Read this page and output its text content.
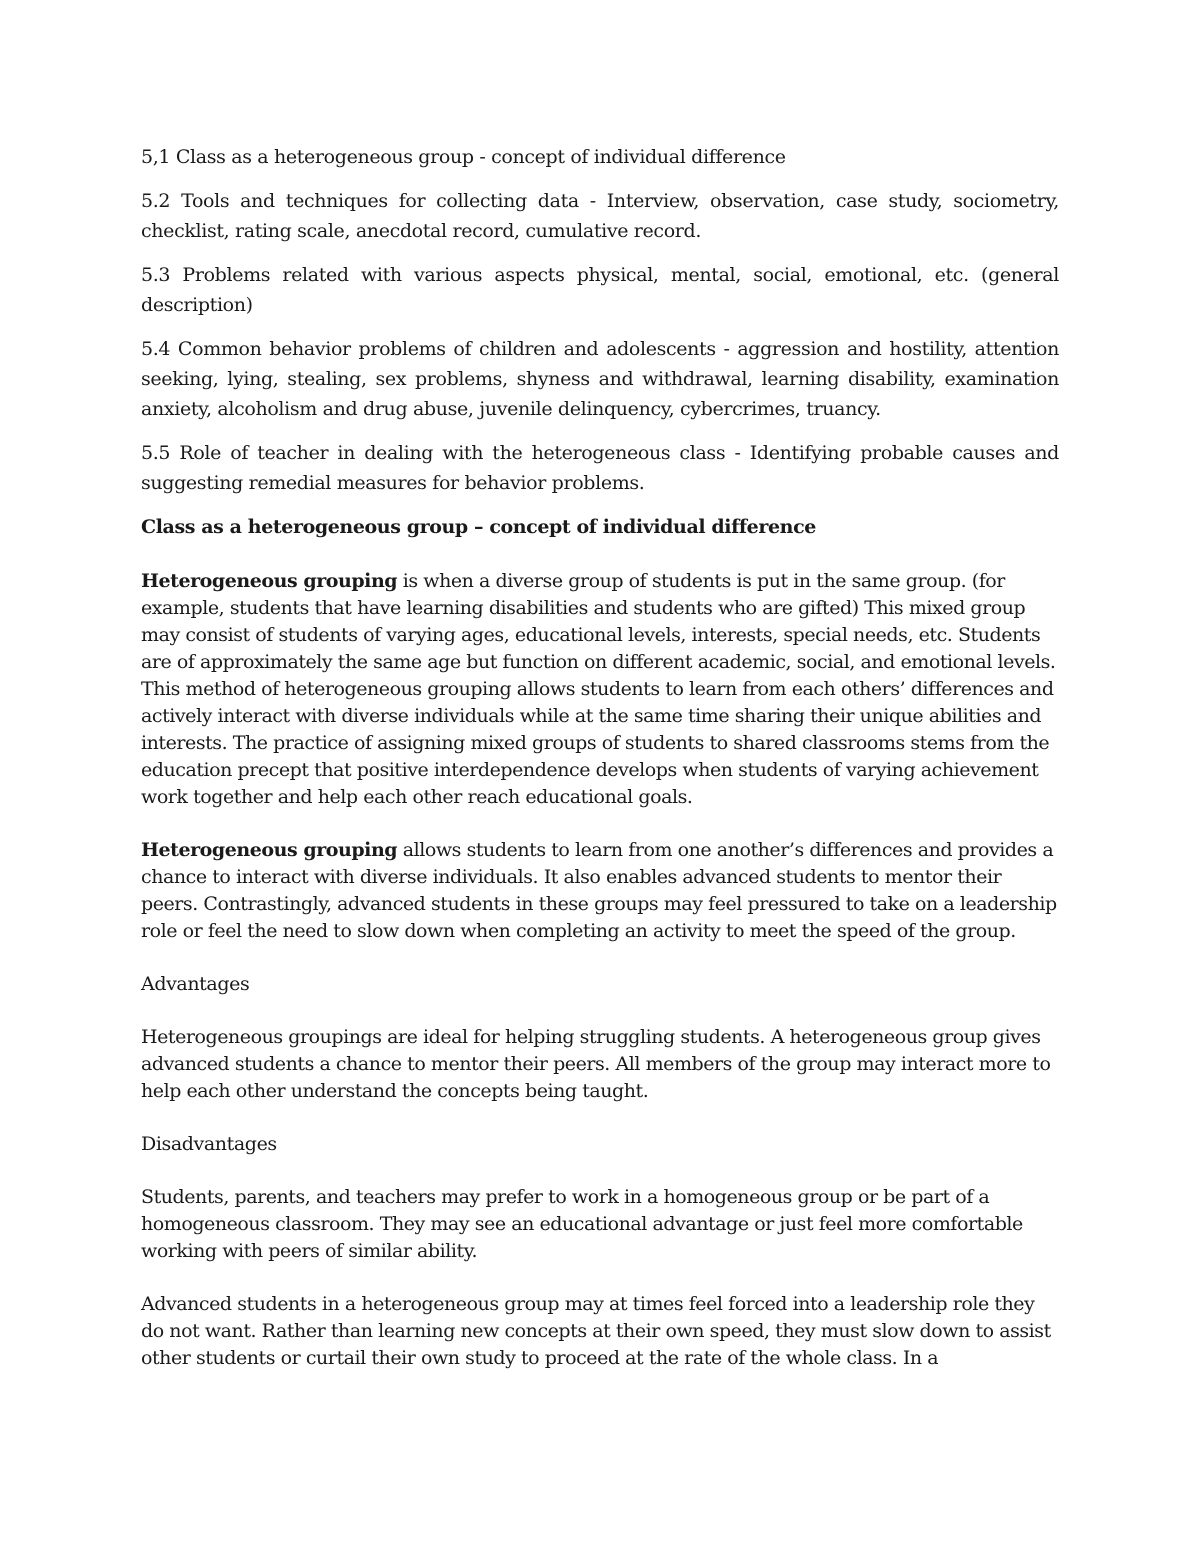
5,1 Class as a heterogeneous group - concept of individual difference

5.2 Tools and techniques for collecting data - Interview, observation, case study, sociometry, checklist, rating scale, anecdotal record, cumulative record.

5.3 Problems related with various aspects physical, mental, social, emotional, etc. (general description)

5.4 Common behavior problems of children and adolescents - aggression and hostility, attention seeking, lying, stealing, sex problems, shyness and withdrawal, learning disability, examination anxiety, alcoholism and drug abuse, juvenile delinquency, cybercrimes, truancy.

5.5 Role of teacher in dealing with the heterogeneous class - Identifying probable causes and suggesting remedial measures for behavior problems.

Class as a heterogeneous group – concept of individual difference

Heterogeneous grouping is when a diverse group of students is put in the same group. (for example, students that have learning disabilities and students who are gifted) This mixed group may consist of students of varying ages, educational levels, interests, special needs, etc. Students are of approximately the same age but function on different academic, social, and emotional levels. This method of heterogeneous grouping allows students to learn from each others’ differences and actively interact with diverse individuals while at the same time sharing their unique abilities and interests. The practice of assigning mixed groups of students to shared classrooms stems from the education precept that positive interdependence develops when students of varying achievement work together and help each other reach educational goals.

Heterogeneous grouping allows students to learn from one another’s differences and provides a chance to interact with diverse individuals. It also enables advanced students to mentor their peers. Contrastingly, advanced students in these groups may feel pressured to take on a leadership role or feel the need to slow down when completing an activity to meet the speed of the group.

Advantages

Heterogeneous groupings are ideal for helping struggling students. A heterogeneous group gives advanced students a chance to mentor their peers. All members of the group may interact more to help each other understand the concepts being taught.

Disadvantages

Students, parents, and teachers may prefer to work in a homogeneous group or be part of a homogeneous classroom. They may see an educational advantage or just feel more comfortable working with peers of similar ability.

Advanced students in a heterogeneous group may at times feel forced into a leadership role they do not want. Rather than learning new concepts at their own speed, they must slow down to assist other students or curtail their own study to proceed at the rate of the whole class. In a
